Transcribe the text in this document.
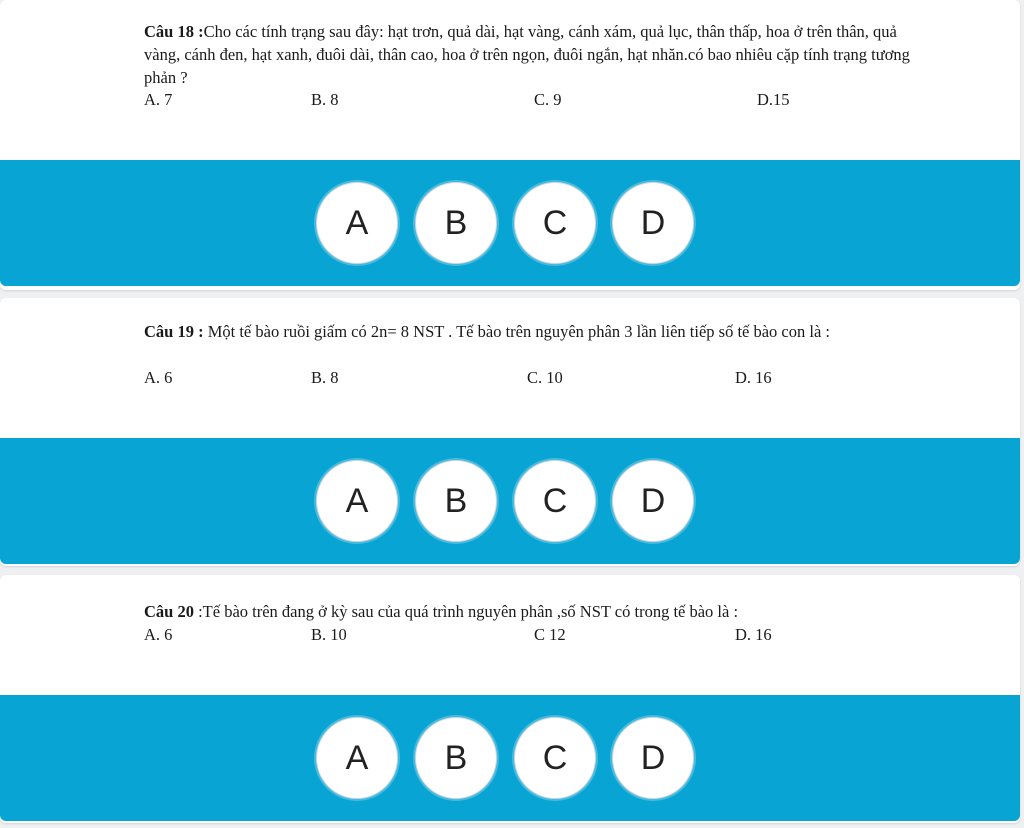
Câu 18 :Cho các tính trạng sau đây: hạt trơn, quả dài, hạt vàng, cánh xám, quả lục, thân thấp, hoa ở trên thân, quả vàng, cánh đen, hạt xanh, đuôi dài, thân cao, hoa ở trên ngọn, đuôi ngắn, hạt nhăn.có bao nhiêu cặp tính trạng tương phản ?
A. 7	B. 8	C. 9	D.15
A	B	C	D
Câu 19 : Một tế bào ruồi giấm có 2n= 8 NST . Tế bào trên nguyên phân 3 lần liên tiếp số tế bào con là :
A. 6	B. 8	C. 10	D. 16
A	B	C	D
Câu 20 :Tế bào trên đang ở kỳ sau của quá trình nguyên phân ,số NST có trong tế bào là :
A. 6	B. 10	C 12	D. 16
A	B	C	D
